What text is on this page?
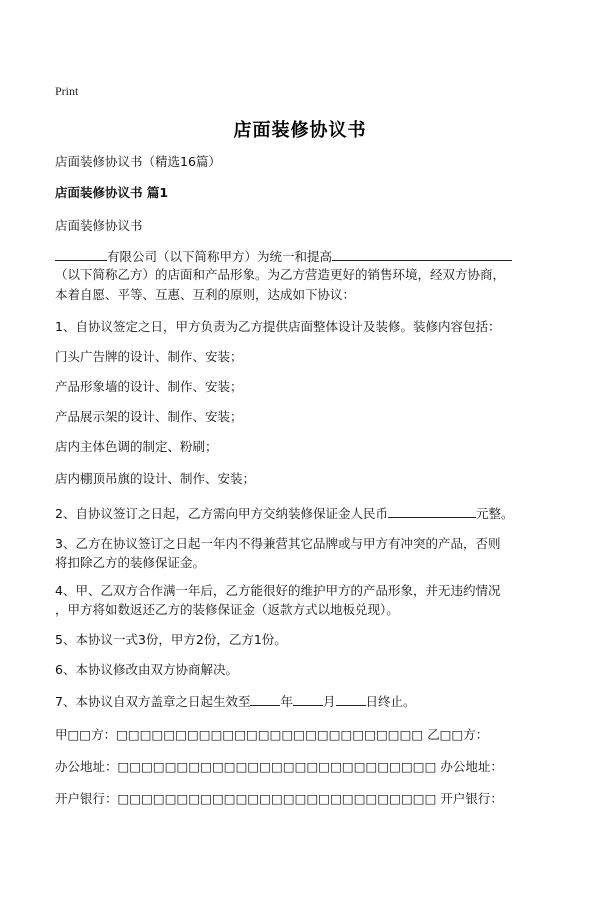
Print
店面装修协议书
店面装修协议书（精选16篇）
店面装修协议书 篇1
店面装修协议书
有限公司（以下简称甲方）为统一和提高
（以下简称乙方）的店面和产品形象。为乙方营造更好的销售环境，经双方协商，
本着自愿、平等、互惠、互利的原则，达成如下协议：
1、自协议签定之日，甲方负责为乙方提供店面整体设计及装修。装修内容包括：
门头广告牌的设计、制作、安装；
产品形象墙的设计、制作、安装；
产品展示架的设计、制作、安装；
店内主体色调的制定、粉刷；
店内棚顶吊旗的设计、制作、安装；
2、自协议签订之日起，乙方需向甲方交纳装修保证金人民币	元整。
3、乙方在协议签订之日起一年内不得兼营其它品牌或与甲方有冲突的产品，否则
将扣除乙方的装修保证金。
4、甲、乙双方合作满一年后，乙方能很好的维护甲方的产品形象，并无违约情况
，甲方将如数返还乙方的装修保证金（返款方式以地板兑现）。
5、本协议一式3份，甲方2份，乙方1份。
6、本协议修改由双方协商解决。
7、本协议自双方盖章之日起生效至 年 月 日终止。
甲□□方：□□□□□□□□□□□□□□□□□□□□□□□□□□ 乙□□方：
办公地址：□□□□□□□□□□□□□□□□□□□□□□□□□□□ 办公地址：
开户银行：□□□□□□□□□□□□□□□□□□□□□□□□□□□ 开户银行：
